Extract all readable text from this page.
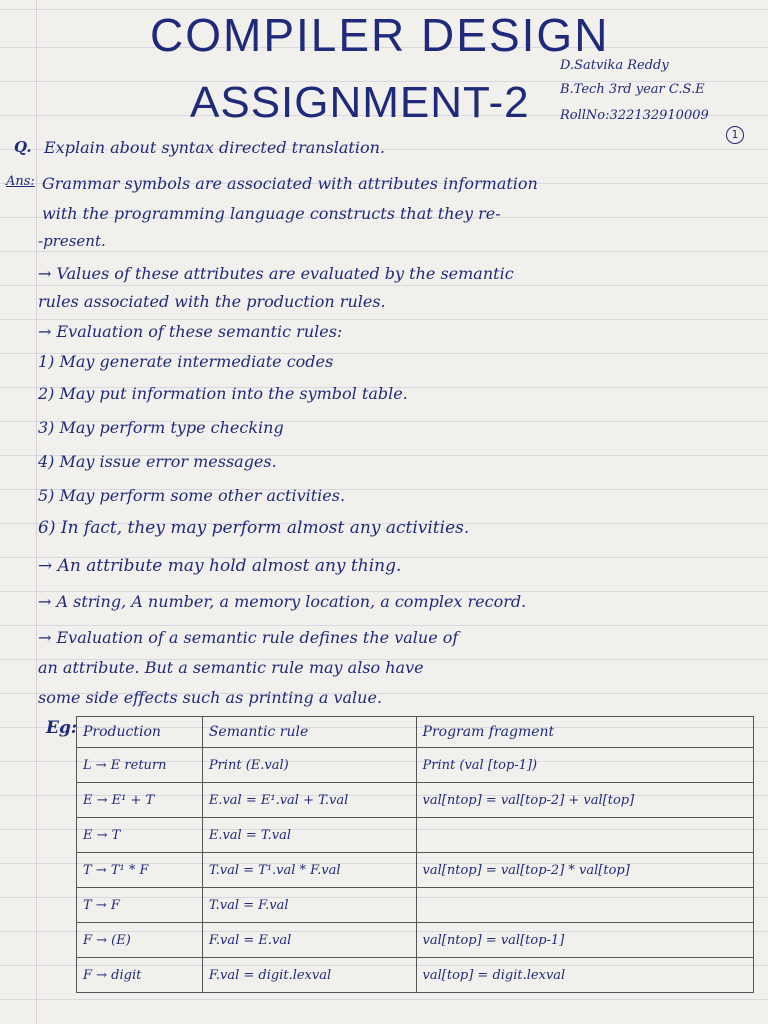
COMPILER DESIGN
ASSIGNMENT-2
D.Satvika Reddy
B.Tech 3rd year C.S.E
RollNo:322132910009
1
Q. Explain about syntax directed translation.
Ans: Grammar symbols are associated with attributes information
with the programming language constructs that they re-
-present.
→ Values of these attributes are evaluated by the semantic
rules associated with the production rules.
→ Evaluation of these semantic rules:
1) May generate intermediate codes
2) May put information into the symbol table.
3) May perform type checking
4) May issue error messages.
5) May perform some other activities.
6) In fact, they may perform almost any activities.
→ An attribute may hold almost any thing.
→ A string, A number, a memory location, a complex record.
→ Evaluation of a semantic rule defines the value of
an attribute. But a semantic rule may also have
some side effects such as printing a value.
Eg: Production	Semantic rule	Program fragment
L → E return	Print (E.val)	Print (val [top-1])
E → E¹ + T	E.val = E¹.val + T.val	val[ntop] = val[top-2] + val[top]
E → T	E.val = T.val	
T → T¹ * F	T.val = T¹.val * F.val	val[ntop] = val[top-2] * val[top]
T → F	T.val = F.val	
F → (E)	F.val = E.val	val[ntop] = val[top-1]
F → digit	F.val = digit.lexval	val[top] = digit.lexval
